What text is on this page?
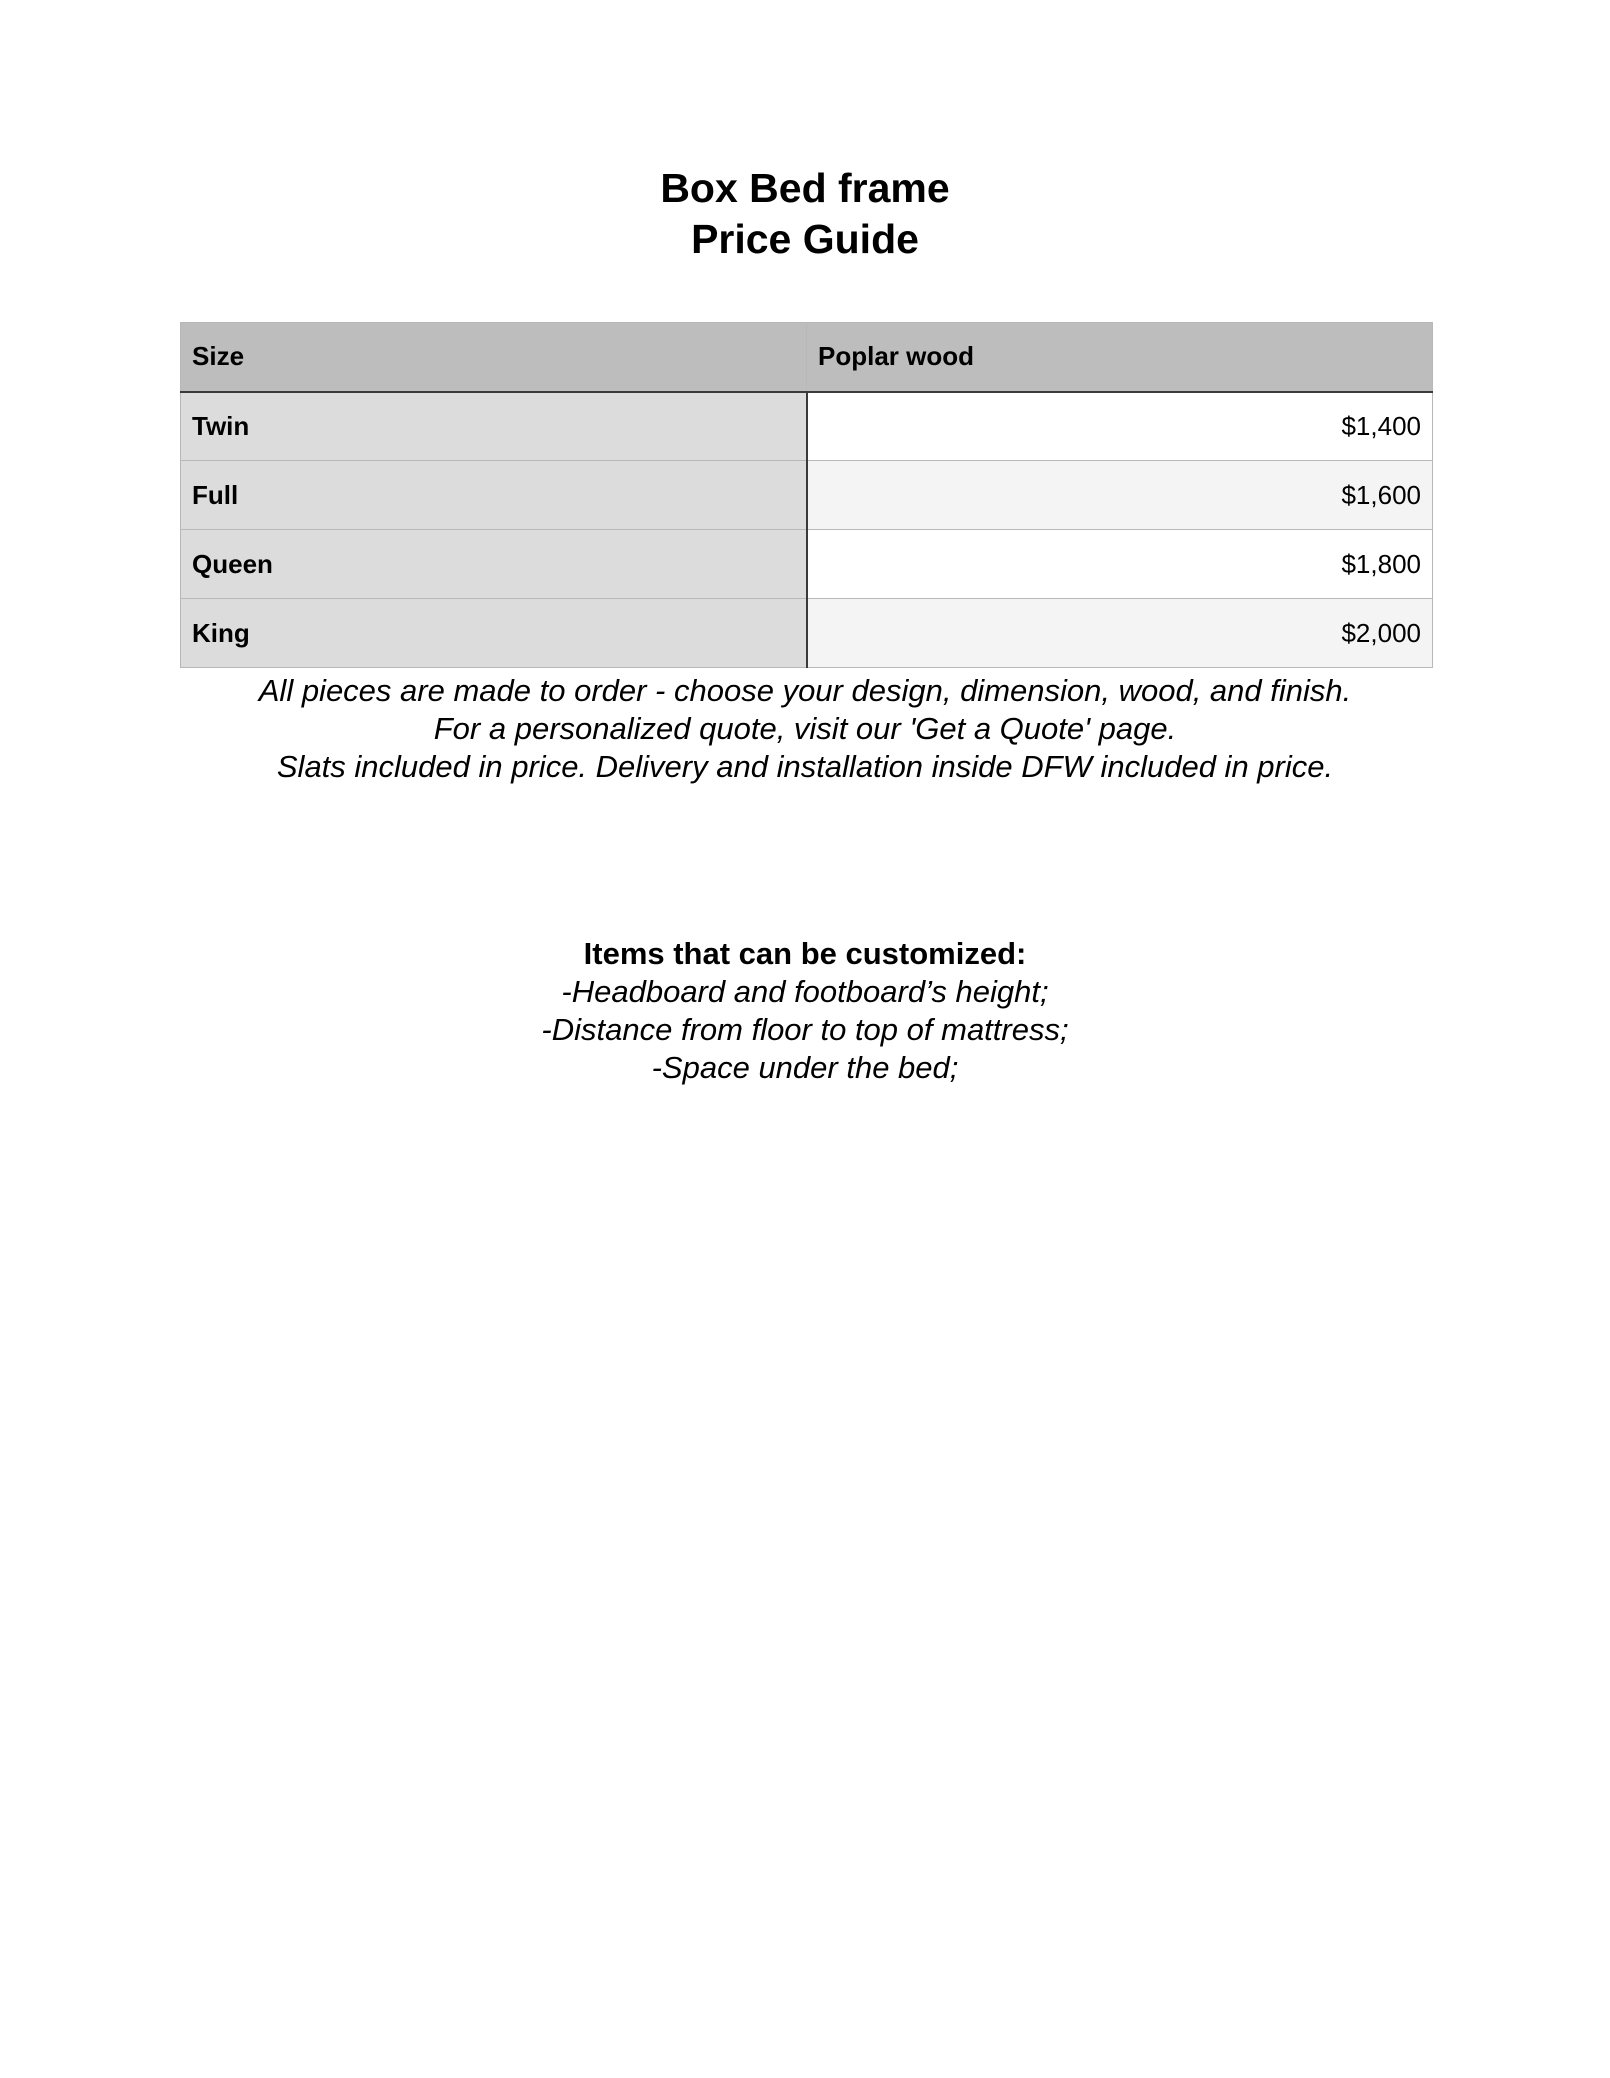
Box Bed frame
Price Guide
Size	Poplar wood
Twin	$1,400
Full	$1,600
Queen	$1,800
King	$2,000
All pieces are made to order - choose your design, dimension, wood, and finish.
For a personalized quote, visit our 'Get a Quote' page.
Slats included in price. Delivery and installation inside DFW included in price.
Items that can be customized:
-Headboard and footboard’s height;
-Distance from floor to top of mattress;
-Space under the bed;
